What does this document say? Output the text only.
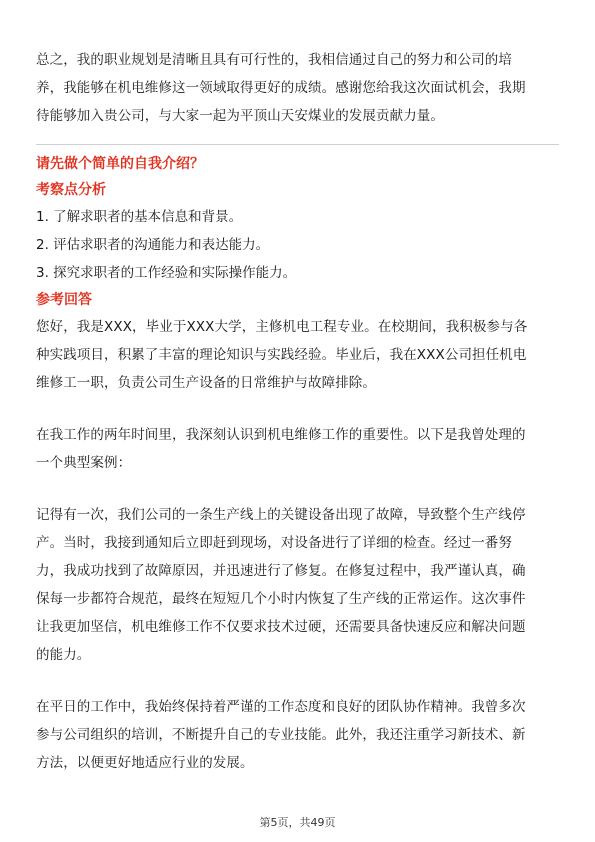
总之，我的职业规划是清晰且具有可行性的，我相信通过自己的努力和公司的培

养，我能够在机电维修这一领域取得更好的成绩。感谢您给我这次面试机会，我期

待能够加入贵公司，与大家一起为平顶山天安煤业的发展贡献力量。

请先做个简单的自我介绍？
考察点分析
1. 了解求职者的基本信息和背景。
2. 评估求职者的沟通能力和表达能力。
3. 探究求职者的工作经验和实际操作能力。
参考回答

您好，我是XXX，毕业于XXX大学，主修机电工程专业。在校期间，我积极参与各

种实践项目，积累了丰富的理论知识与实践经验。毕业后，我在XXX公司担任机电

维修工一职，负责公司生产设备的日常维护与故障排除。

在我工作的两年时间里，我深刻认识到机电维修工作的重要性。以下是我曾处理的

一个典型案例：

记得有一次，我们公司的一条生产线上的关键设备出现了故障，导致整个生产线停

产。当时，我接到通知后立即赶到现场，对设备进行了详细的检查。经过一番努

力，我成功找到了故障原因，并迅速进行了修复。在修复过程中，我严谨认真，确

保每一步都符合规范，最终在短短几个小时内恢复了生产线的正常运作。这次事件

让我更加坚信，机电维修工作不仅要求技术过硬，还需要具备快速反应和解决问题

的能力。

在平日的工作中，我始终保持着严谨的工作态度和良好的团队协作精神。我曾多次

参与公司组织的培训，不断提升自己的专业技能。此外，我还注重学习新技术、新

方法，以便更好地适应行业的发展。

第5页，共49页
